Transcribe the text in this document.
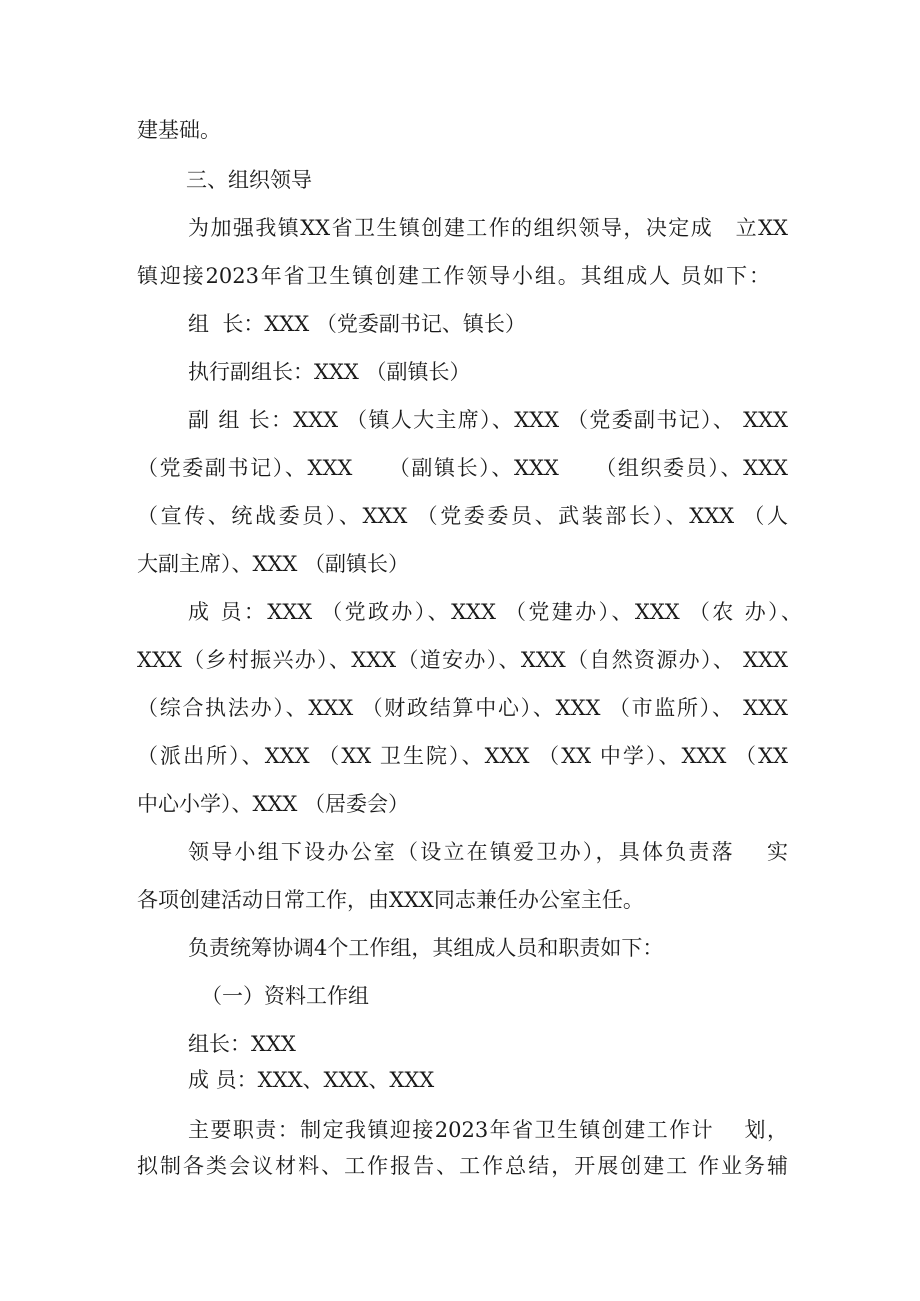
建基础。
三、组织领导
为加强我镇XX省卫生镇创建工作的组织领导，决定成　立XX
镇迎接2023年省卫生镇创建工作领导小组。其组成人 员如下：
组  长：XXX （党委副书记、镇长）
执行副组长：XXX （副镇长）
副 组 长：XXX （镇人大主席）、XXX （党委副书记）、 XXX
（党委副书记）、XXX　　（副镇长）、XXX　　（组织委员）、XXX
（宣传、统战委员）、XXX （党委委员、武装部长）、XXX （人
大副主席）、XXX （副镇长）
成 员：XXX （党政办）、XXX （党建办）、XXX （农 办）、
XXX（乡村振兴办）、XXX（道安办）、XXX（自然资源办）、 XXX
（综合执法办）、XXX （财政结算中心）、XXX （市监所）、 XXX
（派出所）、XXX （XX 卫生院）、XXX （XX 中学）、XXX （XX
中心小学）、XXX （居委会）
领导小组下设办公室（设立在镇爱卫办），具体负责落　 实
各项创建活动日常工作，由XXX同志兼任办公室主任。
负责统筹协调4个工作组，其组成人员和职责如下：
（一）资料工作组
组长：XXX
成 员：XXX、XXX、XXX
主要职责：制定我镇迎接2023年省卫生镇创建工作计　 划，
拟制各类会议材料、工作报告、工作总结，开展创建工 作业务辅
